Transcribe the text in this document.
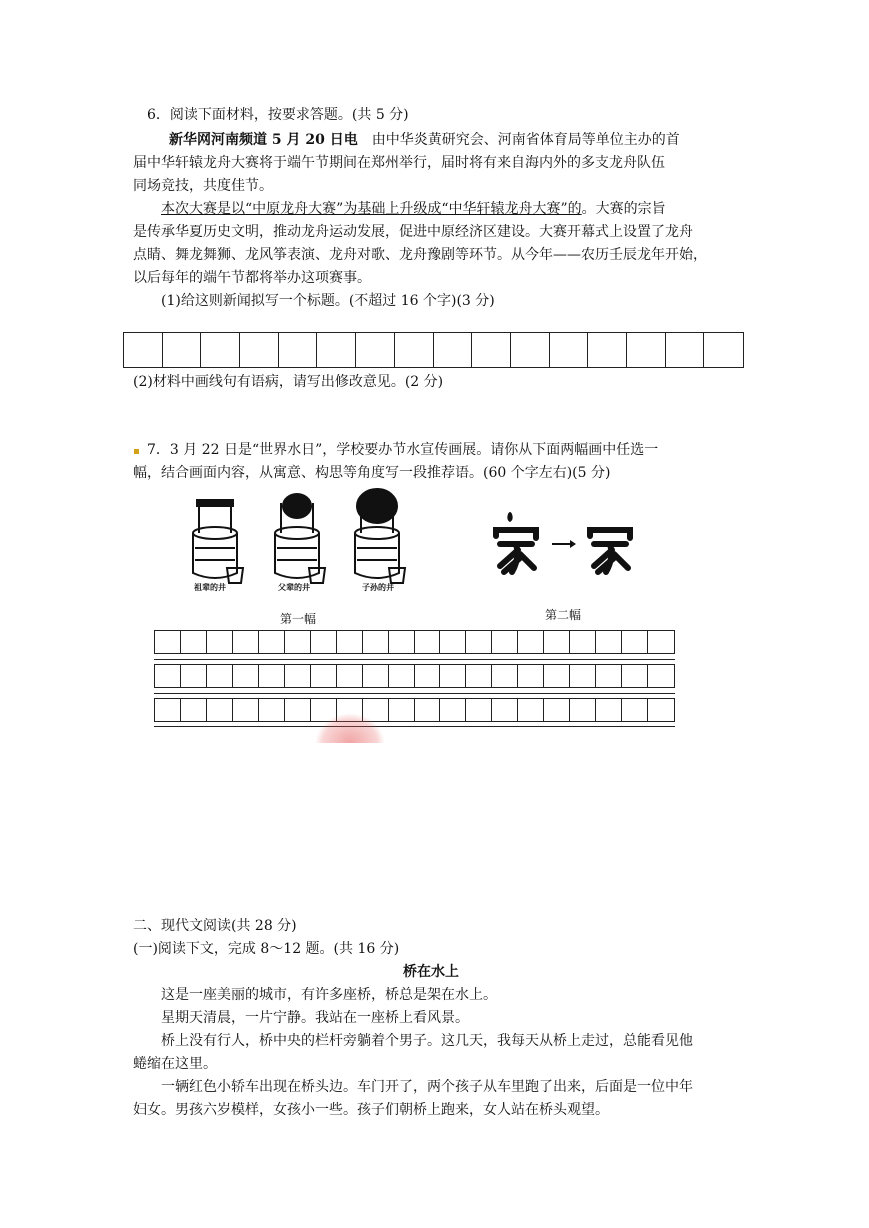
6．阅读下面材料，按要求答题。(共 5 分)
新华网河南频道 5 月 20 日电　由中华炎黄研究会、河南省体育局等单位主办的首
届中华轩辕龙舟大赛将于端午节期间在郑州举行，届时将有来自海内外的多支龙舟队伍
同场竞技，共度佳节。
本次大赛是以“中原龙舟大赛”为基础上升级成“中华轩辕龙舟大赛”的。大赛的宗旨
是传承华夏历史文明，推动龙舟运动发展，促进中原经济区建设。大赛开幕式上设置了龙舟
点睛、舞龙舞狮、龙风筝表演、龙舟对歌、龙舟豫剧等环节。从今年——农历壬辰龙年开始，
以后每年的端午节都将举办这项赛事。
(1)给这则新闻拟写一个标题。(不超过 16 个字)(3 分)
(2)材料中画线句有语病，请写出修改意见。(2 分)
7．3 月 22 日是“世界水日”，学校要办节水宣传画展。请你从下面两幅画中任选一
幅，结合画面内容，从寓意、构思等角度写一段推荐语。(60 个字左右)(5 分)
祖辈的井	父辈的井	子孙的井
第一幅	第二幅
二、现代文阅读(共 28 分)
(一)阅读下文，完成 8～12 题。(共 16 分)
桥在水上
这是一座美丽的城市，有许多座桥，桥总是架在水上。
星期天清晨，一片宁静。我站在一座桥上看风景。
桥上没有行人，桥中央的栏杆旁躺着个男子。这几天，我每天从桥上走过，总能看见他
蜷缩在这里。
一辆红色小轿车出现在桥头边。车门开了，两个孩子从车里跑了出来，后面是一位中年
妇女。男孩六岁模样，女孩小一些。孩子们朝桥上跑来，女人站在桥头观望。
